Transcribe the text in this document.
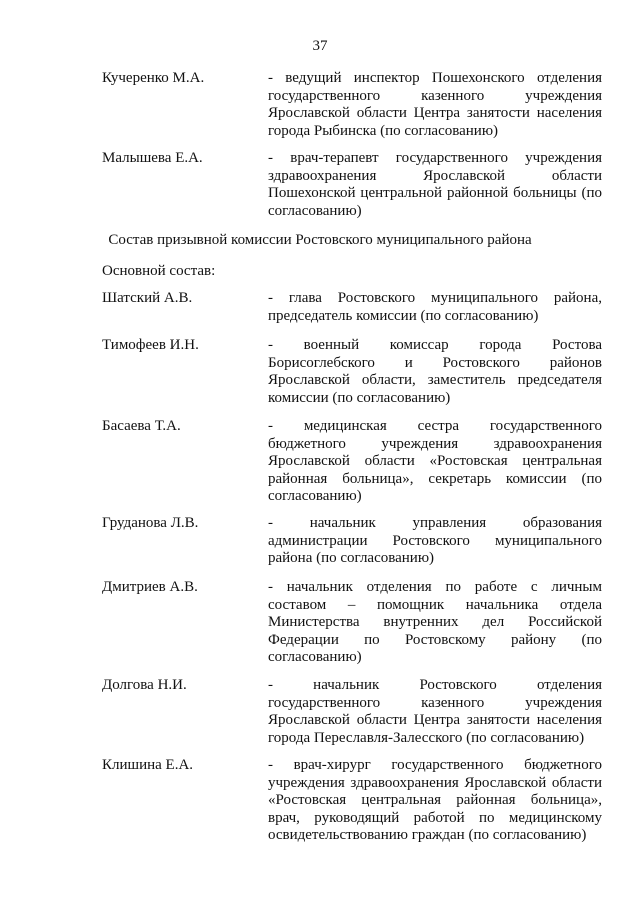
37
Кучеренко М.А.	- ведущий инспектор Пошехонского отделения государственного казенного учреждения Ярославской области Центра занятости населения города Рыбинска (по согласованию)
Малышева Е.А.	- врач-терапевт государственного учреждения здравоохранения Ярославской области Пошехонской центральной районной больницы (по согласованию)
Состав призывной комиссии Ростовского муниципального района
Основной состав:
Шатский А.В.	- глава Ростовского муниципального района, председатель комиссии (по согласованию)
Тимофеев И.Н.	- военный комиссар города Ростова Борисоглебского и Ростовского районов Ярославской области, заместитель председателя комиссии (по согласованию)
Басаева Т.А.	- медицинская сестра государственного бюджетного учреждения здравоохранения Ярославской области «Ростовская центральная районная больница», секретарь комиссии (по согласованию)
Груданова Л.В.	- начальник управления образования администрации Ростовского муниципального района (по согласованию)
Дмитриев А.В.	- начальник отделения по работе с личным составом – помощник начальника отдела Министерства внутренних дел Российской Федерации по Ростовскому району (по согласованию)
Долгова Н.И.	- начальник Ростовского отделения государственного казенного учреждения Ярославской области Центра занятости населения города Переславля-Залесского (по согласованию)
Клишина Е.А.	- врач-хирург государственного бюджетного учреждения здравоохранения Ярославской области «Ростовская центральная районная больница», врач, руководящий работой по медицинскому освидетельствованию граждан (по согласованию)
